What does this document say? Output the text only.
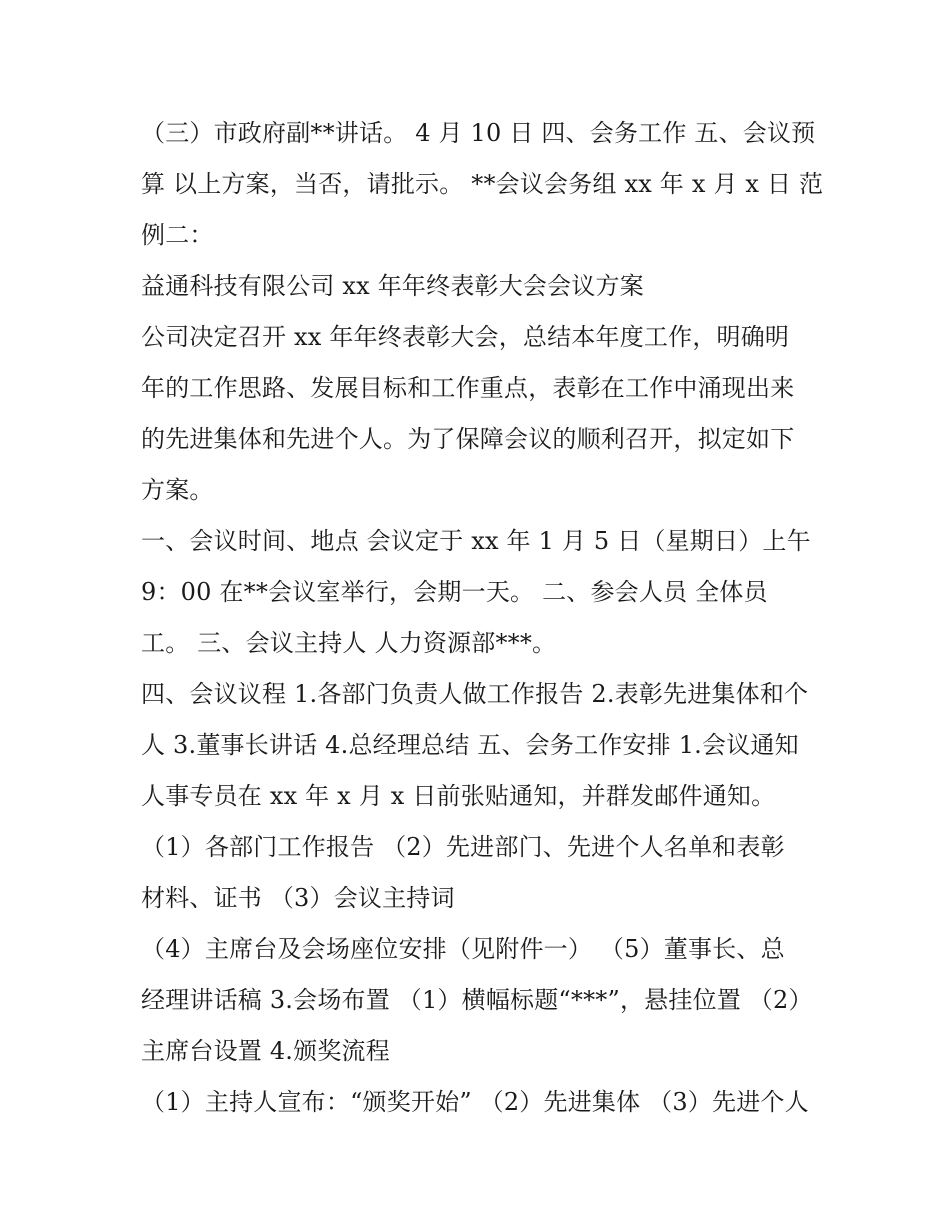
（三）市政府副**讲话。 4 月 10 日 四、会务工作 五、会议预
算 以上方案，当否，请批示。 **会议会务组 xx 年 x 月 x 日 范
例二：
益通科技有限公司 xx 年年终表彰大会会议方案
公司决定召开 xx 年年终表彰大会，总结本年度工作，明确明
年的工作思路、发展目标和工作重点，表彰在工作中涌现出来
的先进集体和先进个人。为了保障会议的顺利召开，拟定如下
方案。
一、会议时间、地点 会议定于 xx 年 1 月 5 日（星期日）上午
9：00 在**会议室举行，会期一天。 二、参会人员 全体员
工。 三、会议主持人 人力资源部***。
四、会议议程 1.各部门负责人做工作报告 2.表彰先进集体和个
人 3.董事长讲话 4.总经理总结 五、会务工作安排 1.会议通知
人事专员在 xx 年 x 月 x 日前张贴通知，并群发邮件通知。
（1）各部门工作报告 （2）先进部门、先进个人名单和表彰
材料、证书 （3）会议主持词
（4）主席台及会场座位安排（见附件一） （5）董事长、总
经理讲话稿 3.会场布置 （1）横幅标题“***”，悬挂位置 （2）
主席台设置 4.颁奖流程
（1）主持人宣布：“颁奖开始” （2）先进集体 （3）先进个人
